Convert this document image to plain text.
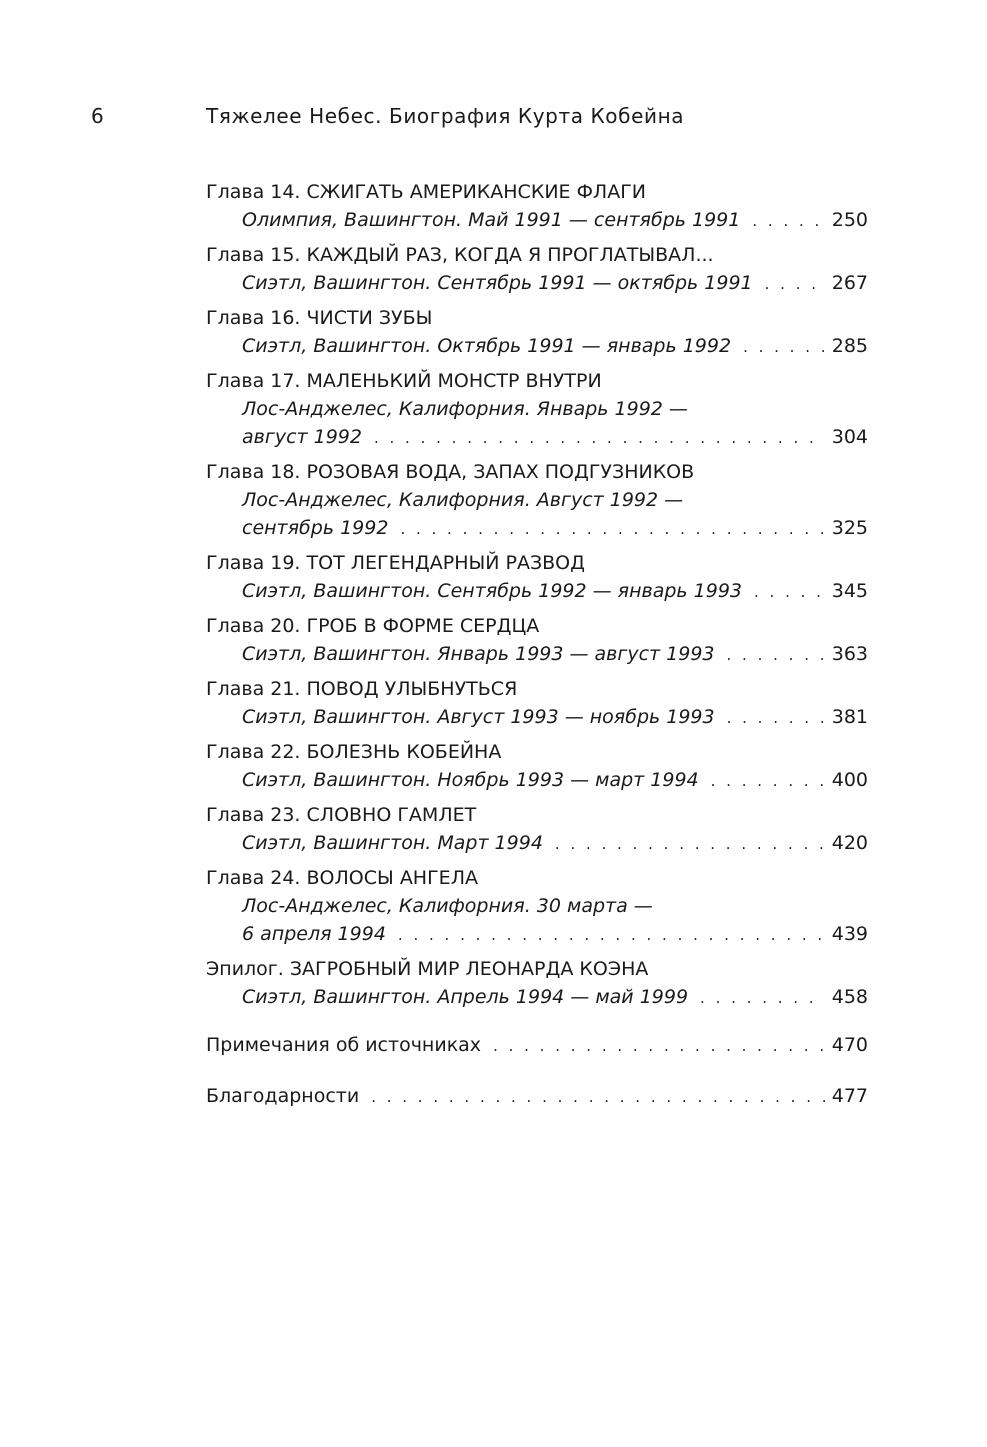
6	Тяжелее Небес. Биография Курта Кобейна
Глава 14. СЖИГАТЬ АМЕРИКАНСКИЕ ФЛАГИ
Олимпия, Вашингтон. Май 1991 — сентябрь 1991 . . .	250
Глава 15. КАЖДЫЙ РАЗ, КОГДА Я ПРОГЛАТЫВАЛ...
Сиэтл, Вашингтон. Сентябрь 1991 — октябрь 1991 . . .	267
Глава 16. ЧИСТИ ЗУБЫ
Сиэтл, Вашингтон. Октябрь 1991 — январь 1992 . . .	285
Глава 17. МАЛЕНЬКИЙ МОНСТР ВНУТРИ
Лос-Анджелес, Калифорния. Январь 1992 —
август 1992 . . .	304
Глава 18. РОЗОВАЯ ВОДА, ЗАПАХ ПОДГУЗНИКОВ
Лос-Анджелес, Калифорния. Август 1992 —
сентябрь 1992 . . .	325
Глава 19. ТОТ ЛЕГЕНДАРНЫЙ РАЗВОД
Сиэтл, Вашингтон. Сентябрь 1992 — январь 1993 . . .	345
Глава 20. ГРОБ В ФОРМЕ СЕРДЦА
Сиэтл, Вашингтон. Январь 1993 — август 1993 . . .	363
Глава 21. ПОВОД УЛЫБНУТЬСЯ
Сиэтл, Вашингтон. Август 1993 — ноябрь 1993 . . .	381
Глава 22. БОЛЕЗНЬ КОБЕЙНА
Сиэтл, Вашингтон. Ноябрь 1993 — март 1994 . . .	400
Глава 23. СЛОВНО ГАМЛЕТ
Сиэтл, Вашингтон. Март 1994 . . .	420
Глава 24. ВОЛОСЫ АНГЕЛА
Лос-Анджелес, Калифорния. 30 марта —
6 апреля 1994 . . .	439
Эпилог. ЗАГРОБНЫЙ МИР ЛЕОНАРДА КОЭНА
Сиэтл, Вашингтон. Апрель 1994 — май 1999 . . .	458
Примечания об источниках . . .	470
Благодарности . . .	477
